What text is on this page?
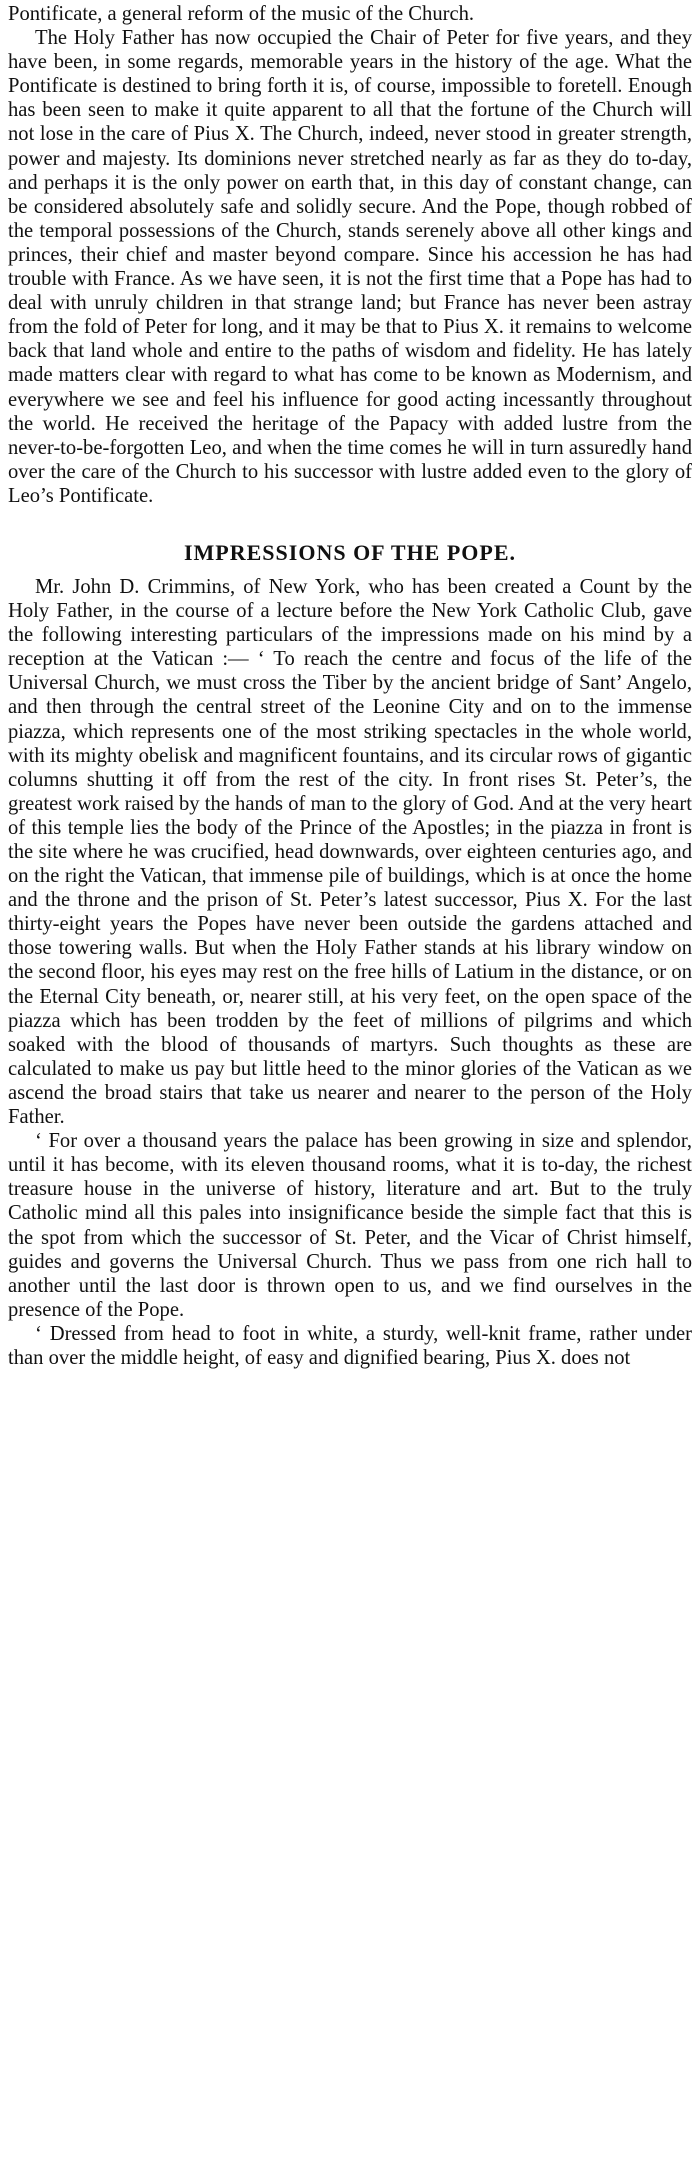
Pontificate, a general reform of the music of the Church.

The Holy Father has now occupied the Chair of Peter for five years, and they have been, in some regards, memorable years in the history of the age. What the Pontificate is destined to bring forth it is, of course, impossible to foretell. Enough has been seen to make it quite apparent to all that the fortune of the Church will not lose in the care of Pius X. The Church, indeed, never stood in greater strength, power and majesty. Its dominions never stretched nearly as far as they do to-day, and perhaps it is the only power on earth that, in this day of constant change, can be considered absolutely safe and solidly secure. And the Pope, though robbed of the temporal possessions of the Church, stands serenely above all other kings and princes, their chief and master beyond compare. Since his accession he has had trouble with France. As we have seen, it is not the first time that a Pope has had to deal with unruly children in that strange land; but France has never been astray from the fold of Peter for long, and it may be that to Pius X. it remains to welcome back that land whole and entire to the paths of wisdom and fidelity. He has lately made matters clear with regard to what has come to be known as Modernism, and everywhere we see and feel his influence for good acting incessantly throughout the world. He received the heritage of the Papacy with added lustre from the never-to-be-forgotten Leo, and when the time comes he will in turn assuredly hand over the care of the Church to his successor with lustre added even to the glory of Leo’s Pontificate.

IMPRESSIONS OF THE POPE.

Mr. John D. Crimmins, of New York, who has been created a Count by the Holy Father, in the course of a lecture before the New York Catholic Club, gave the following interesting particulars of the impressions made on his mind by a reception at the Vatican :— ‘ To reach the centre and focus of the life of the Universal Church, we must cross the Tiber by the ancient bridge of Sant’ Angelo, and then through the central street of the Leonine City and on to the immense piazza, which represents one of the most striking spectacles in the whole world, with its mighty obelisk and magnificent fountains, and its circular rows of gigantic columns shutting it off from the rest of the city. In front rises St. Peter’s, the greatest work raised by the hands of man to the glory of God. And at the very heart of this temple lies the body of the Prince of the Apostles; in the piazza in front is the site where he was crucified, head downwards, over eighteen centuries ago, and on the right the Vatican, that immense pile of buildings, which is at once the home and the throne and the prison of St. Peter’s latest successor, Pius X. For the last thirty-eight years the Popes have never been outside the gardens attached and those towering walls. But when the Holy Father stands at his library window on the second floor, his eyes may rest on the free hills of Latium in the distance, or on the Eternal City beneath, or, nearer still, at his very feet, on the open space of the piazza which has been trodden by the feet of millions of pilgrims and which soaked with the blood of thousands of martyrs. Such thoughts as these are calculated to make us pay but little heed to the minor glories of the Vatican as we ascend the broad stairs that take us nearer and nearer to the person of the Holy Father.

‘ For over a thousand years the palace has been growing in size and splendor, until it has become, with its eleven thousand rooms, what it is to-day, the richest treasure house in the universe of history, literature and art. But to the truly Catholic mind all this pales into insignificance beside the simple fact that this is the spot from which the successor of St. Peter, and the Vicar of Christ himself, guides and governs the Universal Church. Thus we pass from one rich hall to another until the last door is thrown open to us, and we find ourselves in the presence of the Pope.

‘ Dressed from head to foot in white, a sturdy, well-knit frame, rather under than over the middle height, of easy and dignified bearing, Pius X. does not
